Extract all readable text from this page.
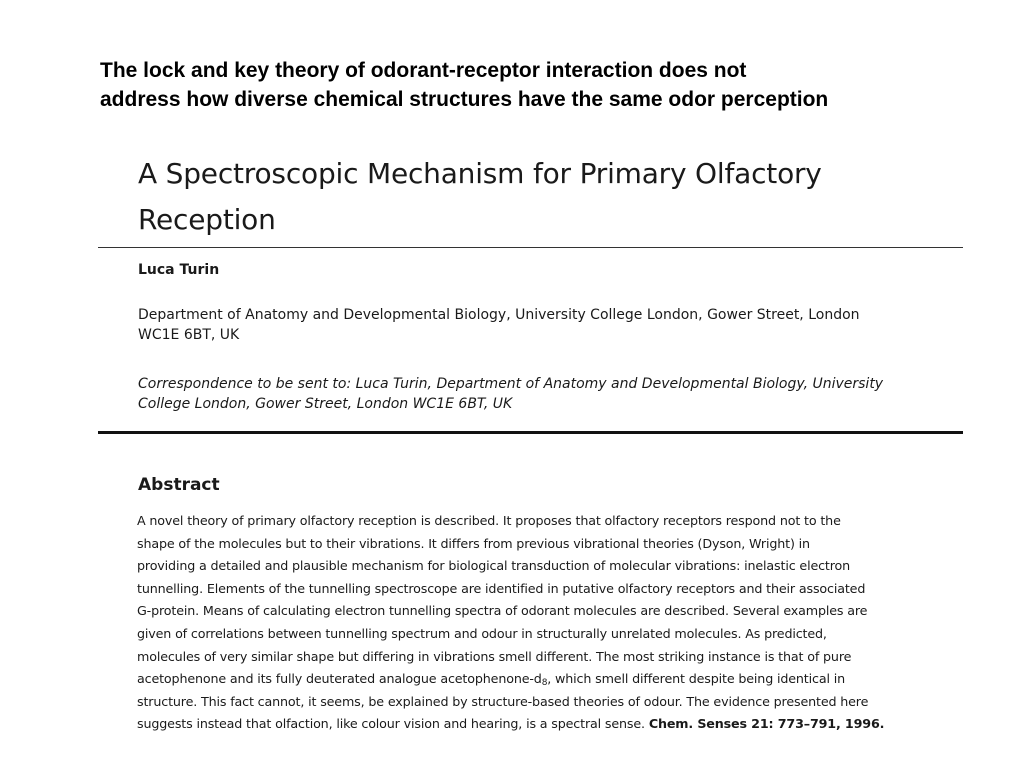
The lock and key theory of odorant-receptor interaction does not
address how diverse chemical structures have the same odor perception
A Spectroscopic Mechanism for Primary Olfactory
Reception
Luca Turin
Department of Anatomy and Developmental Biology, University College London, Gower Street, London
WC1E 6BT, UK
Correspondence to be sent to: Luca Turin, Department of Anatomy and Developmental Biology, University
College London, Gower Street, London WC1E 6BT, UK
Abstract
A novel theory of primary olfactory reception is described. It proposes that olfactory receptors respond not to the
shape of the molecules but to their vibrations. It differs from previous vibrational theories (Dyson, Wright) in
providing a detailed and plausible mechanism for biological transduction of molecular vibrations: inelastic electron
tunnelling. Elements of the tunnelling spectroscope are identified in putative olfactory receptors and their associated
G-protein. Means of calculating electron tunnelling spectra of odorant molecules are described. Several examples are
given of correlations between tunnelling spectrum and odour in structurally unrelated molecules. As predicted,
molecules of very similar shape but differing in vibrations smell different. The most striking instance is that of pure
acetophenone and its fully deuterated analogue acetophenone-$d_8$, which smell different despite being identical in
structure. This fact cannot, it seems, be explained by structure-based theories of odour. The evidence presented here
suggests instead that olfaction, like colour vision and hearing, is a spectral sense. Chem. Senses 21: 773–791, 1996.
